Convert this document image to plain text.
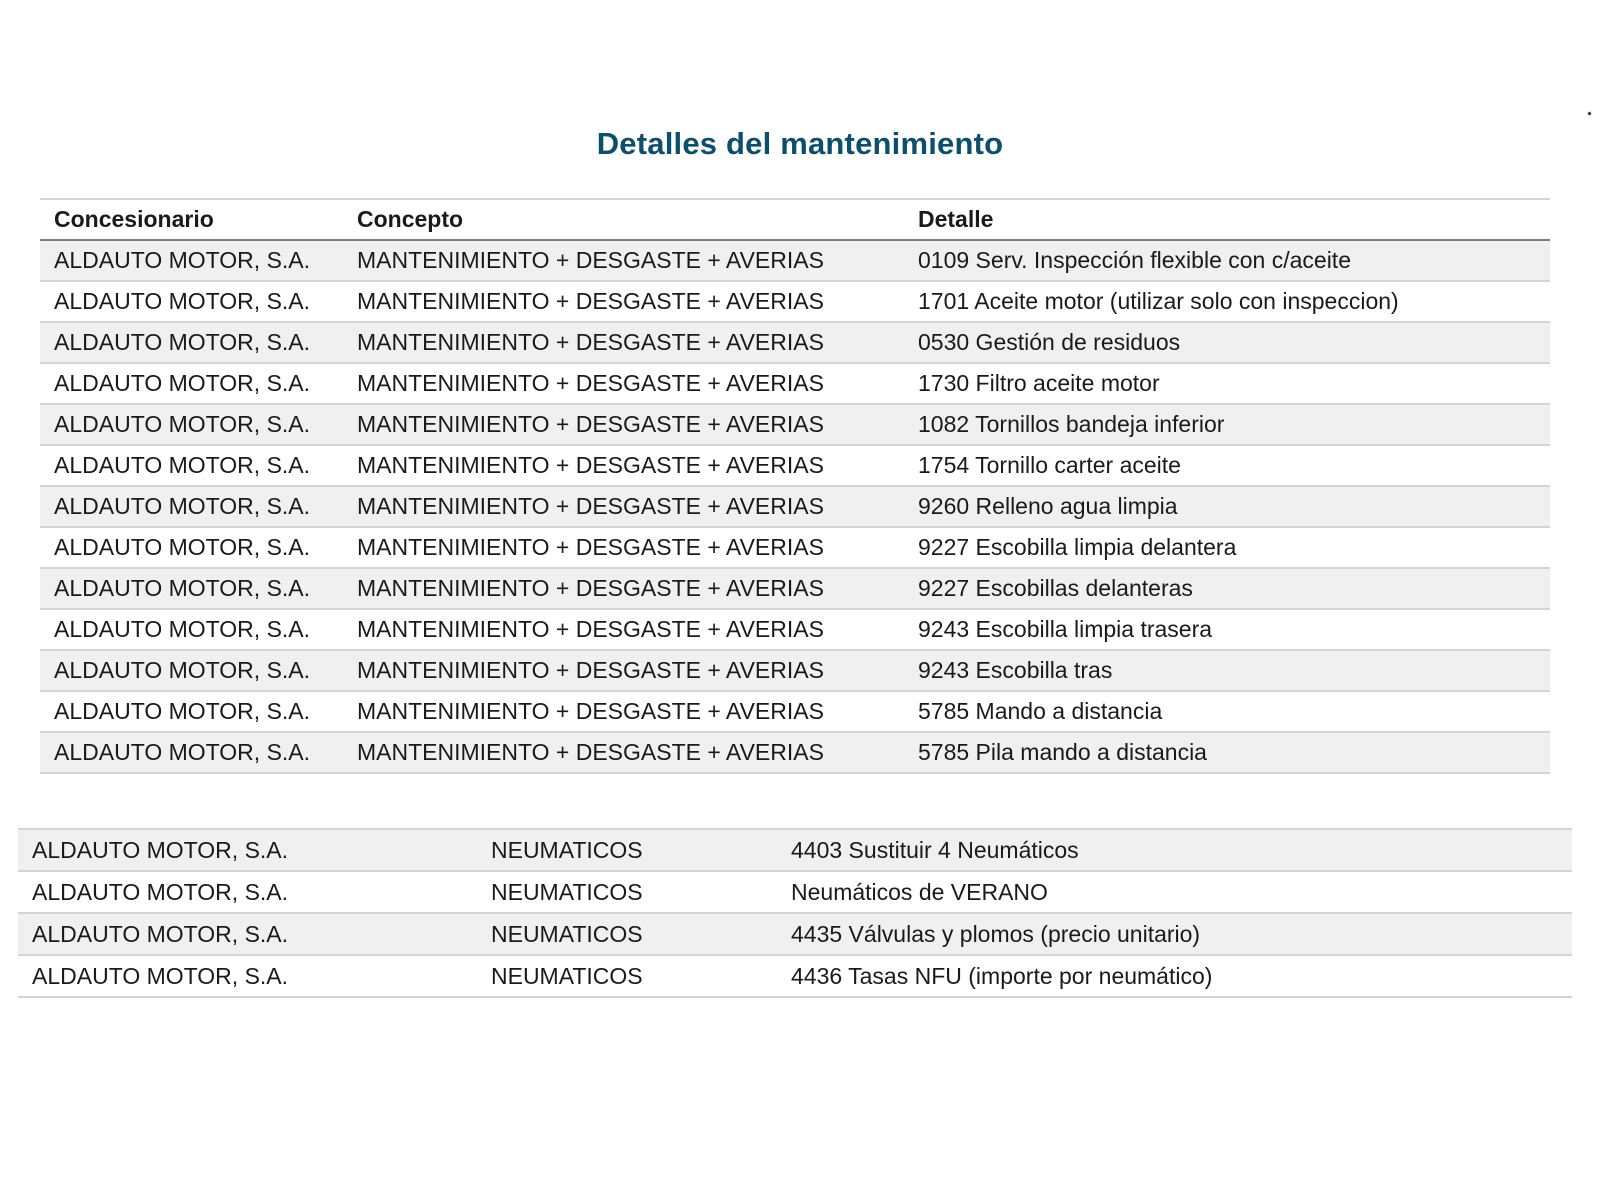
Detalles del mantenimiento
Concesionario	Concepto	Detalle
ALDAUTO MOTOR, S.A.	MANTENIMIENTO + DESGASTE + AVERIAS	0109 Serv. Inspección flexible con c/aceite
ALDAUTO MOTOR, S.A.	MANTENIMIENTO + DESGASTE + AVERIAS	1701 Aceite motor (utilizar solo con inspeccion)
ALDAUTO MOTOR, S.A.	MANTENIMIENTO + DESGASTE + AVERIAS	0530 Gestión de residuos
ALDAUTO MOTOR, S.A.	MANTENIMIENTO + DESGASTE + AVERIAS	1730 Filtro aceite motor
ALDAUTO MOTOR, S.A.	MANTENIMIENTO + DESGASTE + AVERIAS	1082 Tornillos bandeja inferior
ALDAUTO MOTOR, S.A.	MANTENIMIENTO + DESGASTE + AVERIAS	1754 Tornillo carter aceite
ALDAUTO MOTOR, S.A.	MANTENIMIENTO + DESGASTE + AVERIAS	9260 Relleno agua limpia
ALDAUTO MOTOR, S.A.	MANTENIMIENTO + DESGASTE + AVERIAS	9227 Escobilla limpia delantera
ALDAUTO MOTOR, S.A.	MANTENIMIENTO + DESGASTE + AVERIAS	9227 Escobillas delanteras
ALDAUTO MOTOR, S.A.	MANTENIMIENTO + DESGASTE + AVERIAS	9243 Escobilla limpia trasera
ALDAUTO MOTOR, S.A.	MANTENIMIENTO + DESGASTE + AVERIAS	9243 Escobilla tras
ALDAUTO MOTOR, S.A.	MANTENIMIENTO + DESGASTE + AVERIAS	5785 Mando a distancia
ALDAUTO MOTOR, S.A.	MANTENIMIENTO + DESGASTE + AVERIAS	5785 Pila mando a distancia
ALDAUTO MOTOR, S.A.	NEUMATICOS	4403 Sustituir 4 Neumáticos
ALDAUTO MOTOR, S.A.	NEUMATICOS	Neumáticos de VERANO
ALDAUTO MOTOR, S.A.	NEUMATICOS	4435 Válvulas y plomos (precio unitario)
ALDAUTO MOTOR, S.A.	NEUMATICOS	4436 Tasas NFU (importe por neumático)
